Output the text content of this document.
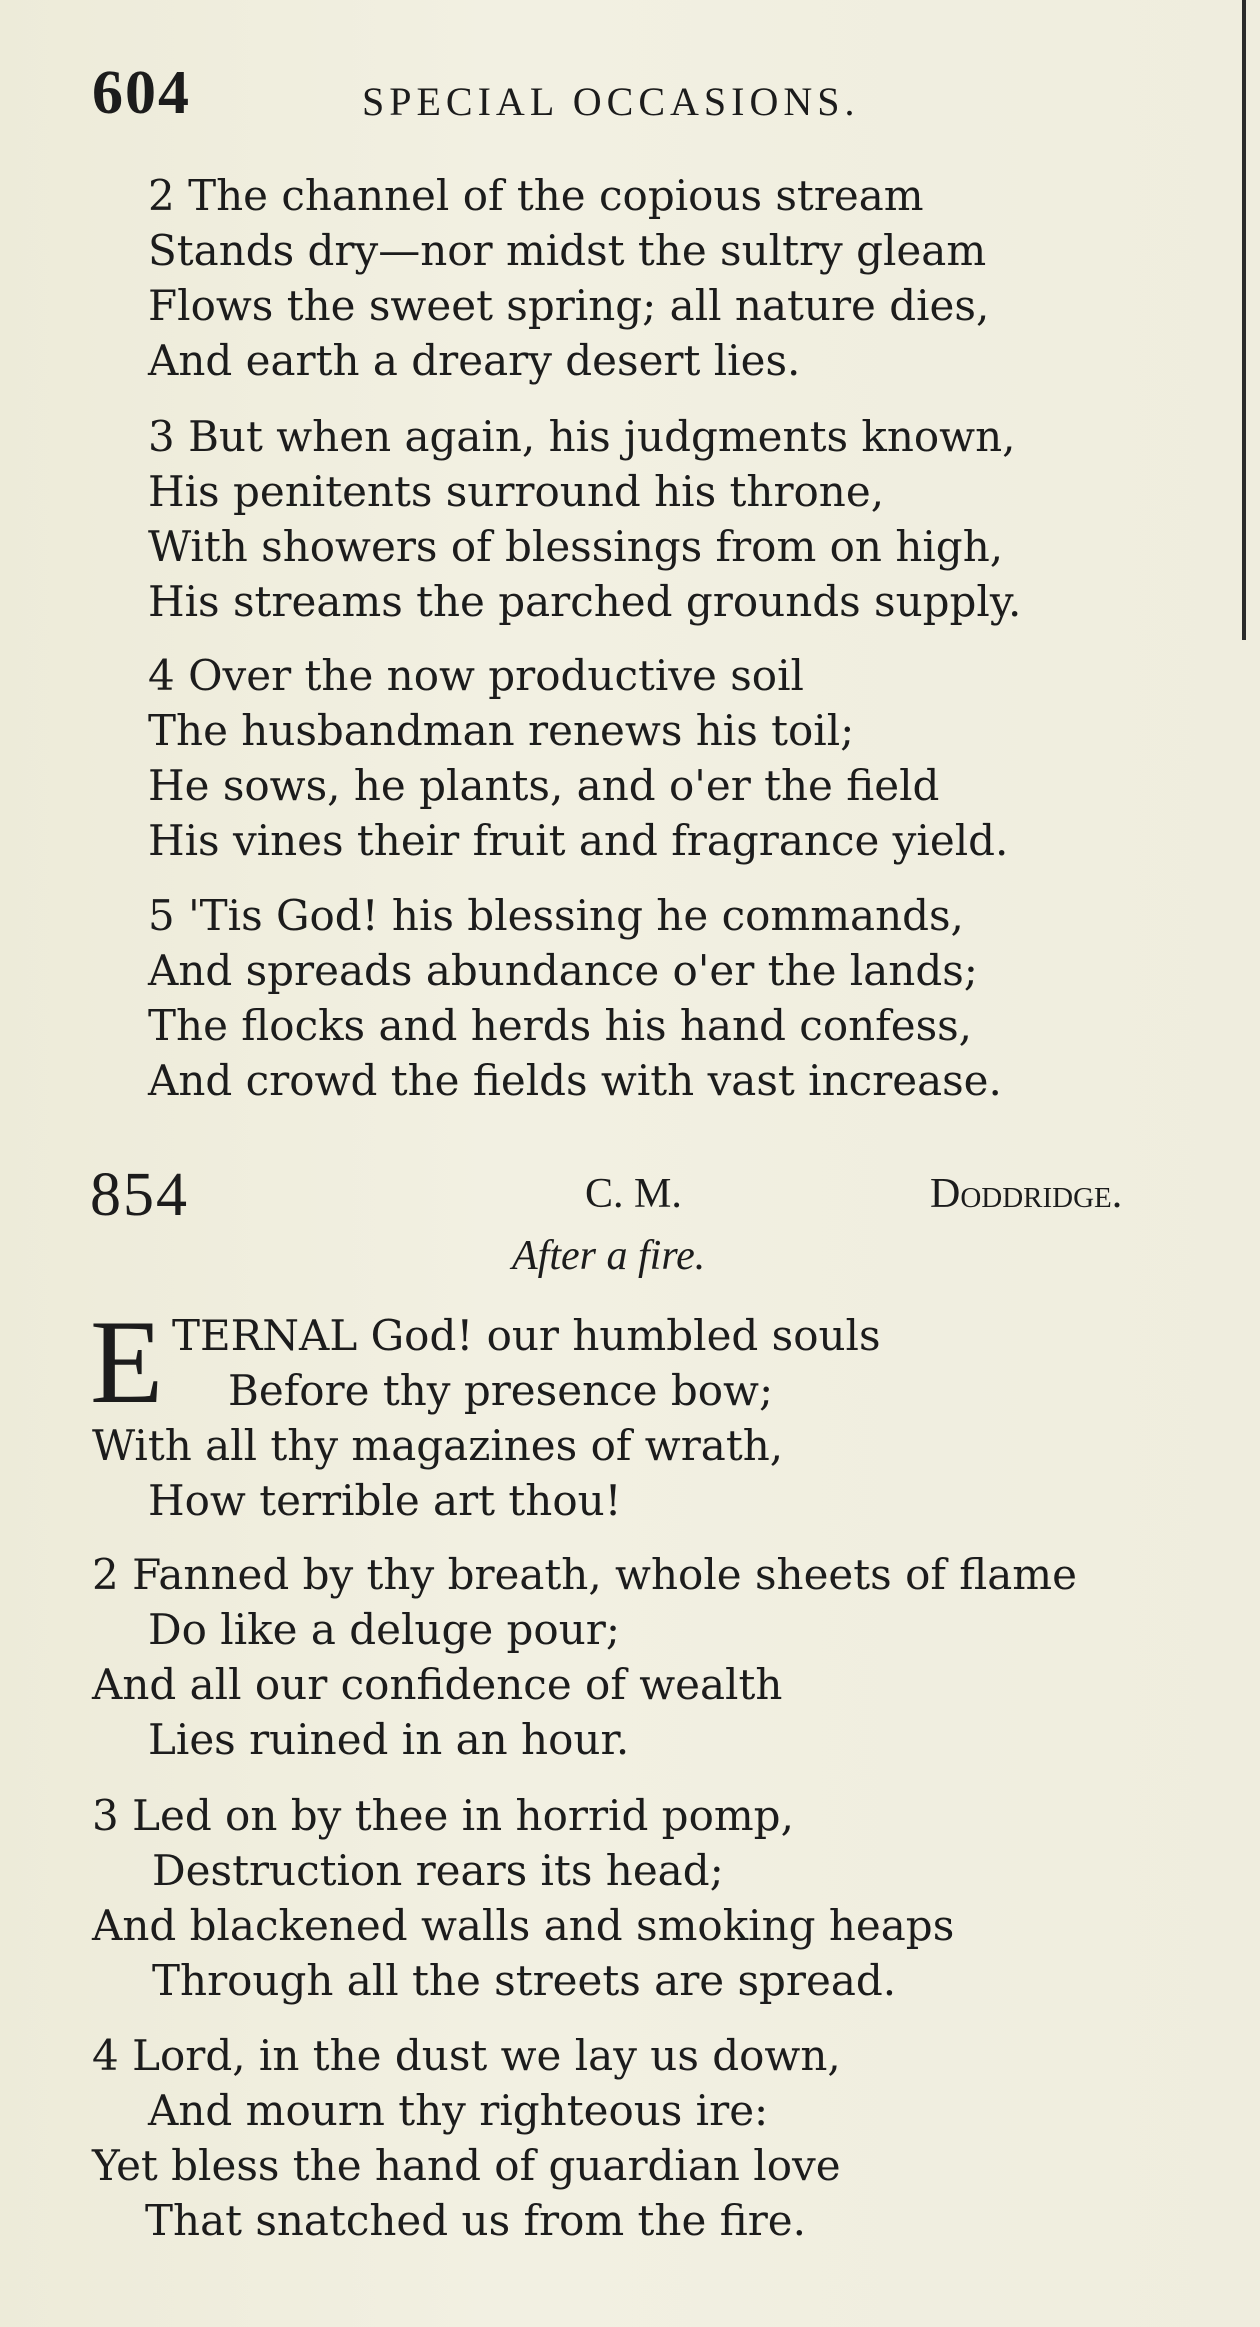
604	SPECIAL OCCASIONS.
2 The channel of the copious stream
Stands dry—nor midst the sultry gleam
Flows the sweet spring; all nature dies,
And earth a dreary desert lies.
3 But when again, his judgments known,
His penitents surround his throne,
With showers of blessings from on high,
His streams the parched grounds supply.
4 Over the now productive soil
The husbandman renews his toil;
He sows, he plants, and o'er the field
His vines their fruit and fragrance yield.
5 'Tis God! his blessing he commands,
And spreads abundance o'er the lands;
The flocks and herds his hand confess,
And crowd the fields with vast increase.
854	C. M.	Doddridge.
After a fire.
E TERNAL God! our humbled souls
Before thy presence bow;
With all thy magazines of wrath,
How terrible art thou!
2 Fanned by thy breath, whole sheets of flame
Do like a deluge pour;
And all our confidence of wealth
Lies ruined in an hour.
3 Led on by thee in horrid pomp,
Destruction rears its head;
And blackened walls and smoking heaps
Through all the streets are spread.
4 Lord, in the dust we lay us down,
And mourn thy righteous ire:
Yet bless the hand of guardian love
That snatched us from the fire.
